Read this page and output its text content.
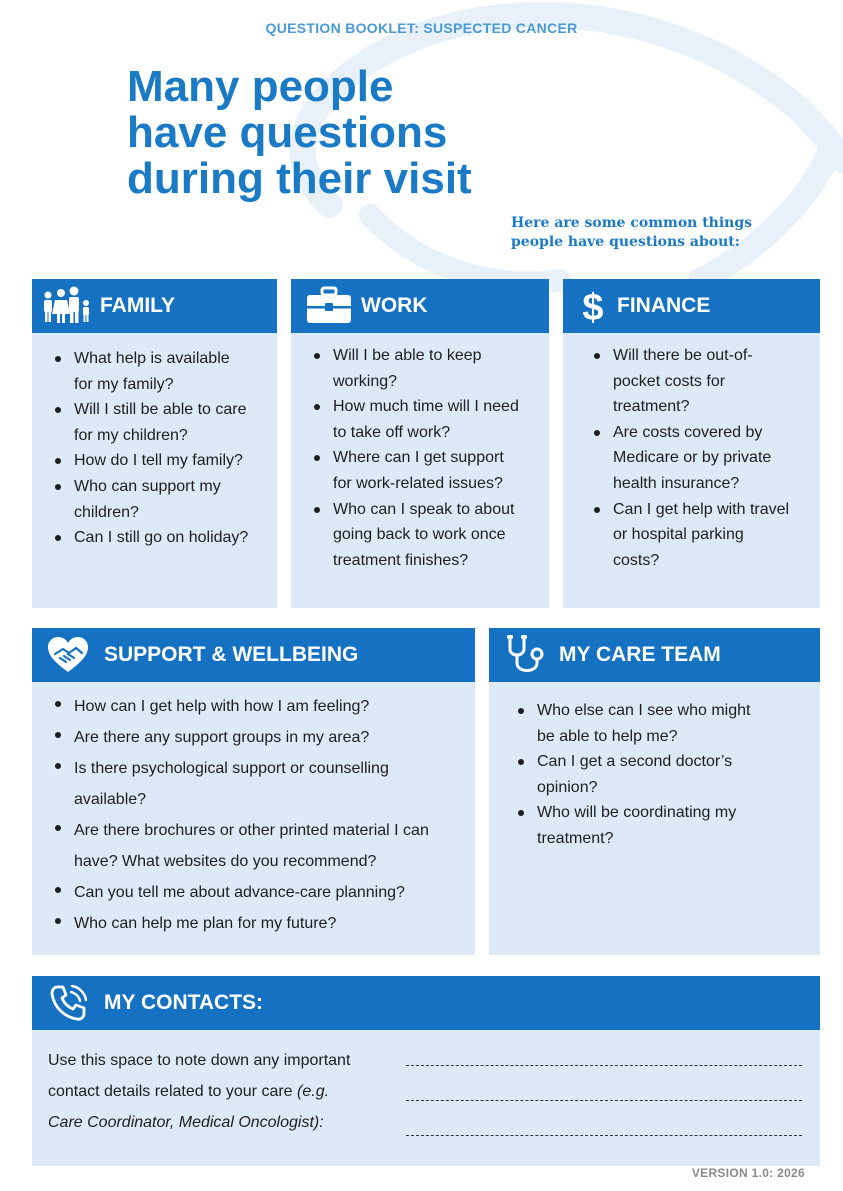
QUESTION BOOKLET: SUSPECTED CANCER
Many people
have questions
during their visit
Here are some common things
people have questions about:
FAMILY
What help is available
for my family?
Will I still be able to care
for my children?
How do I tell my family?
Who can support my
children?
Can I still go on holiday?
WORK
Will I be able to keep
working?
How much time will I need
to take off work?
Where can I get support
for work-related issues?
Who can I speak to about
going back to work once
treatment finishes?
$ FINANCE
Will there be out-of-
pocket costs for
treatment?
Are costs covered by
Medicare or by private
health insurance?
Can I get help with travel
or hospital parking
costs?
SUPPORT & WELLBEING
How can I get help with how I am feeling?
Are there any support groups in my area?
Is there psychological support or counselling
available?
Are there brochures or other printed material I can
have? What websites do you recommend?
Can you tell me about advance-care planning?
Who can help me plan for my future?
MY CARE TEAM
Who else can I see who might
be able to help me?
Can I get a second doctor’s
opinion?
Who will be coordinating my
treatment?
MY CONTACTS:
Use this space to note down any important
contact details related to your care (e.g.
Care Coordinator, Medical Oncologist):
VERSION 1.0: 2026
